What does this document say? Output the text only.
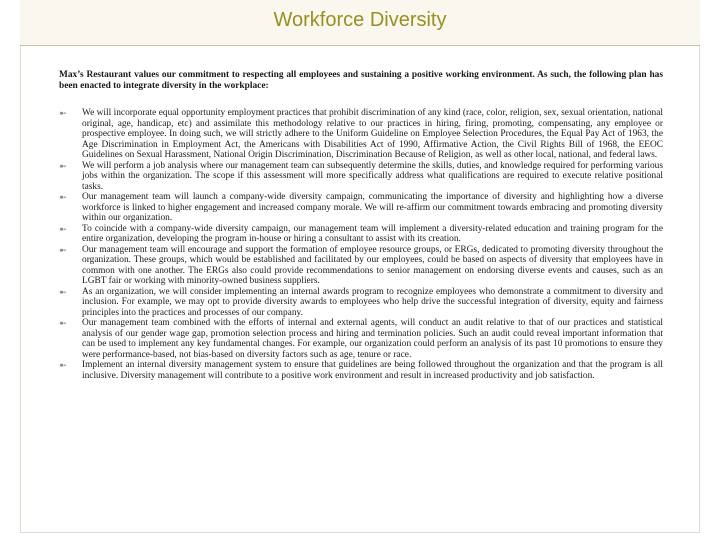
Workforce Diversity
Max’s Restaurant values our commitment to respecting all employees and sustaining a positive working environment. As such, the following plan has been enacted to integrate diversity in the workplace:
➼ We will incorporate equal opportunity employment practices that prohibit discrimination of any kind (race, color, religion, sex, sexual orientation, national original, age, handicap, etc) and assimilate this methodology relative to our practices in hiring, firing, promoting, compensating, any employee or prospective employee. In doing such, we will strictly adhere to the Uniform Guideline on Employee Selection Procedures, the Equal Pay Act of 1963, the Age Discrimination in Employment Act, the Americans with Disabilities Act of 1990, Affirmative Action, the Civil Rights Bill of 1968, the EEOC Guidelines on Sexual Harassment, National Origin Discrimination, Discrimination Because of Religion, as well as other local, national, and federal laws.
➼ We will perform a job analysis where our management team can subsequently determine the skills, duties, and knowledge required for performing various jobs within the organization. The scope if this assessment will more specifically address what qualifications are required to execute relative positional tasks.
➼ Our management team will launch a company-wide diversity campaign, communicating the importance of diversity and highlighting how a diverse workforce is linked to higher engagement and increased company morale. We will re-affirm our commitment towards embracing and promoting diversity within our organization.
➼ To coincide with a company-wide diversity campaign, our management team will implement a diversity-related education and training program for the entire organization, developing the program in-house or hiring a consultant to assist with its creation.
➼ Our management team will encourage and support the formation of employee resource groups, or ERGs, dedicated to promoting diversity throughout the organization. These groups, which would be established and facilitated by our employees, could be based on aspects of diversity that employees have in common with one another. The ERGs also could provide recommendations to senior management on endorsing diverse events and causes, such as an LGBT fair or working with minority-owned business suppliers.
➼ As an organization, we will consider implementing an internal awards program to recognize employees who demonstrate a commitment to diversity and inclusion. For example, we may opt to provide diversity awards to employees who help drive the successful integration of diversity, equity and fairness principles into the practices and processes of our company.
➼ Our management team combined with the efforts of internal and external agents, will conduct an audit relative to that of our practices and statistical analysis of our gender wage gap, promotion selection process and hiring and termination policies. Such an audit could reveal important information that can be used to implement any key fundamental changes. For example, our organization could perform an analysis of its past 10 promotions to ensure they were performance-based, not bias-based on diversity factors such as age, tenure or race.
➼ Implement an internal diversity management system to ensure that guidelines are being followed throughout the organization and that the program is all inclusive. Diversity management will contribute to a positive work environment and result in increased productivity and job satisfaction.
